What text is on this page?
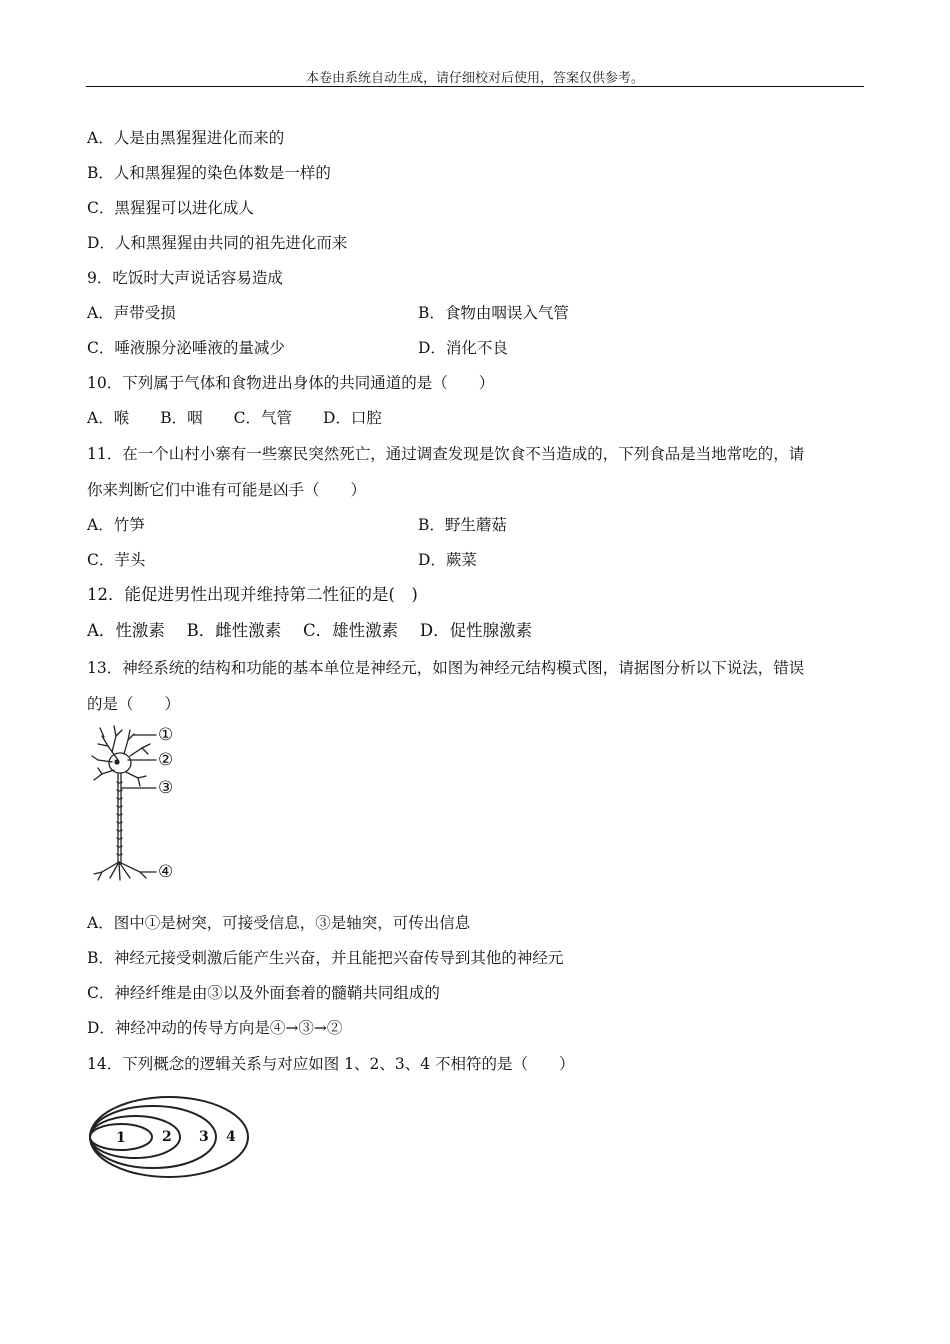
本卷由系统自动生成，请仔细校对后使用，答案仅供参考。
A．人是由黑猩猩进化而来的
B．人和黑猩猩的染色体数是一样的
C．黑猩猩可以进化成人
D．人和黑猩猩由共同的祖先进化而来
9．吃饭时大声说话容易造成
A．声带受损	B．食物由咽误入气管
C．唾液腺分泌唾液的量减少	D．消化不良
10．下列属于气体和食物进出身体的共同通道的是（　　）
A．喉　　B．咽　　C．气管　　D．口腔
11．在一个山村小寨有一些寨民突然死亡，通过调查发现是饮食不当造成的，下列食品是当地常吃的，请
你来判断它们中谁有可能是凶手（　　）
A．竹笋	B．野生蘑菇
C．芋头	D．蕨菜
12．能促进男性出现并维持第二性征的是(　)
A．性激素　 B．雌性激素　 C．雄性激素　 D．促性腺激素
13．神经系统的结构和功能的基本单位是神经元，如图为神经元结构模式图，请据图分析以下说法，错误
的是（　　）
①
②
③
④
A．图中①是树突，可接受信息，③是轴突，可传出信息
B．神经元接受刺激后能产生兴奋，并且能把兴奋传导到其他的神经元
C．神经纤维是由③以及外面套着的髓鞘共同组成的
D．神经冲动的传导方向是④→③→②
14．下列概念的逻辑关系与对应如图 1、2、3、4 不相符的是（　　）
1	2 3 4
